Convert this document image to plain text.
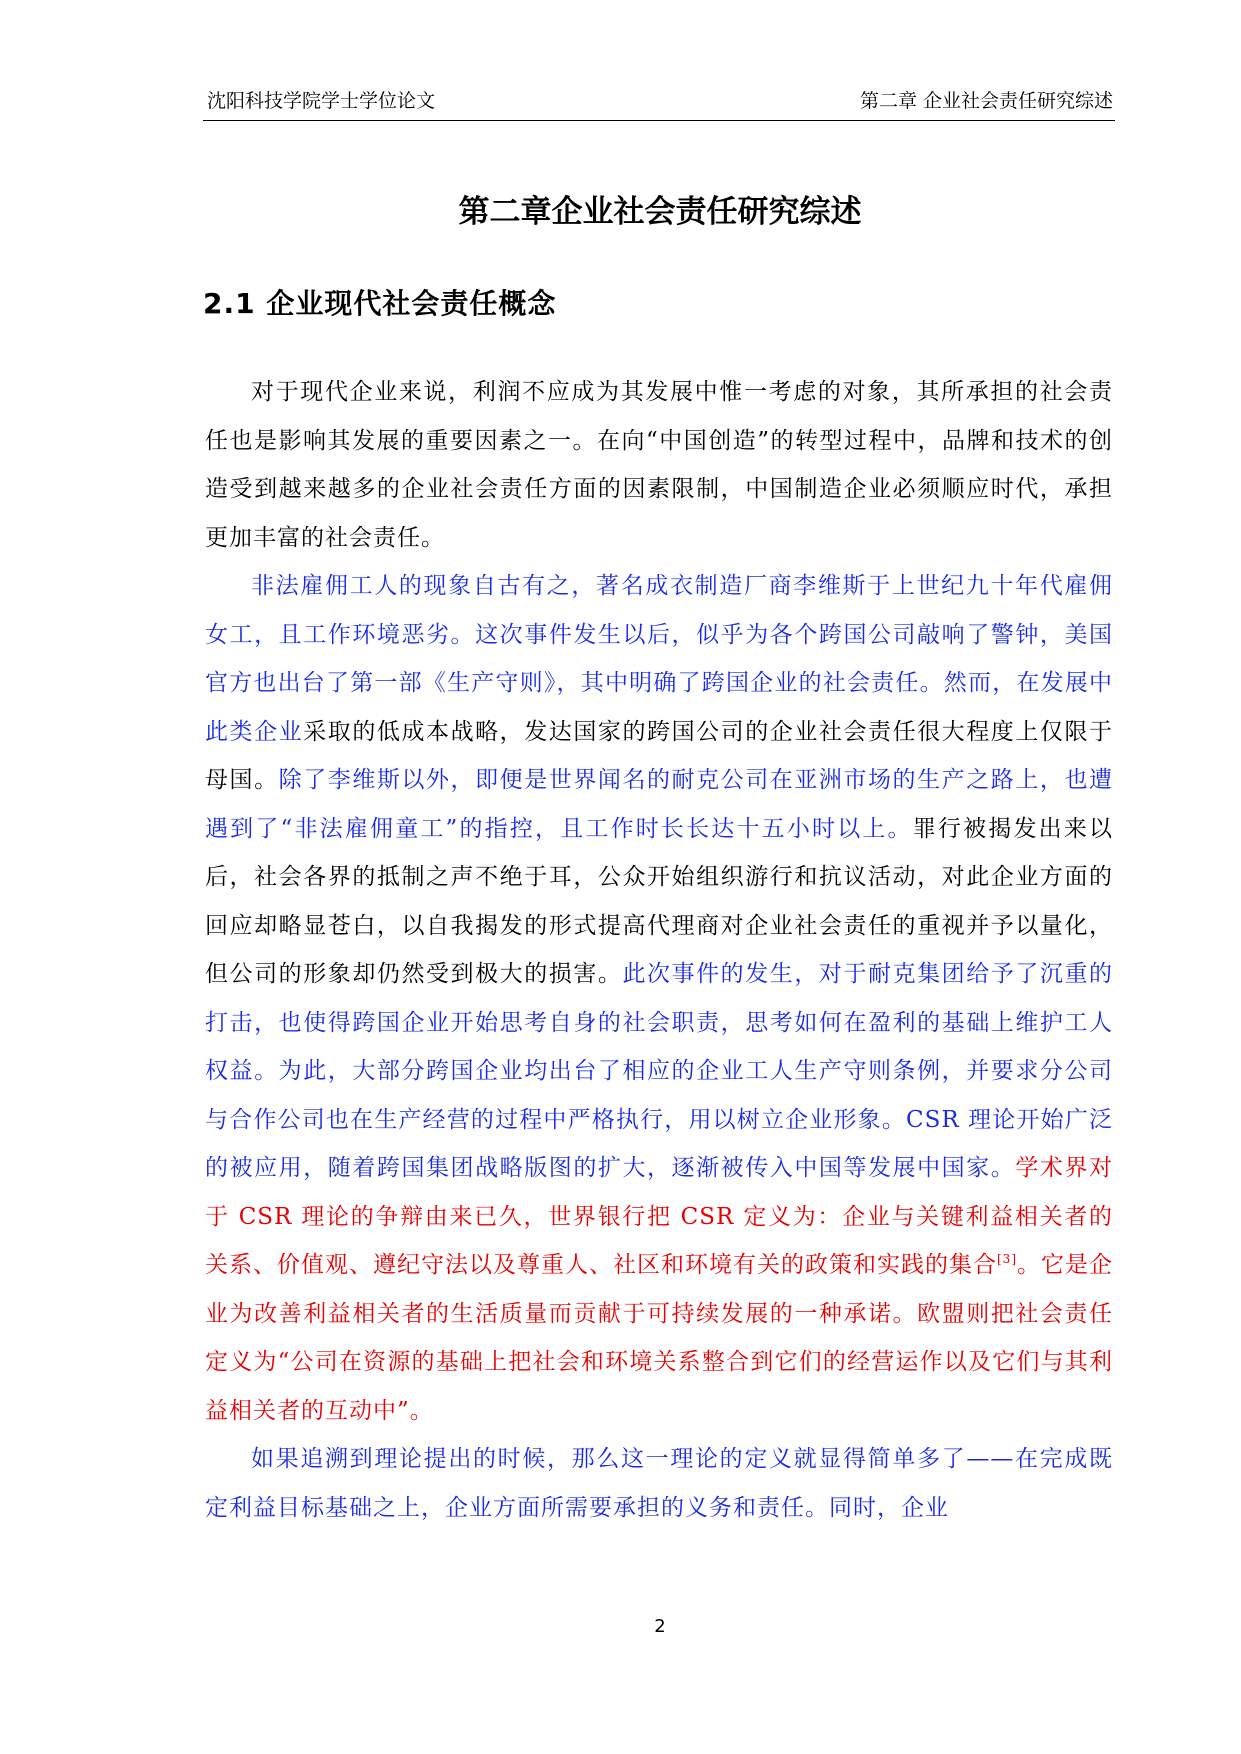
沈阳科技学院学士学位论文	第二章 企业社会责任研究综述
第二章企业社会责任研究综述
2.1 企业现代社会责任概念

对于现代企业来说，利润不应成为其发展中惟一考虑的对象，其所承担的社会责任也是影响其发展的重要因素之一。在向“中国创造”的转型过程中，品牌和技术的创造受到越来越多的企业社会责任方面的因素限制，中国制造企业必须顺应时代，承担更加丰富的社会责任。

非法雇佣工人的现象自古有之，著名成衣制造厂商李维斯于上世纪九十年代雇佣女工，且工作环境恶劣。这次事件发生以后，似乎为各个跨国公司敲响了警钟，美国官方也出台了第一部《生产守则》，其中明确了跨国企业的社会责任。然而，在发展中此类企业采取的低成本战略，发达国家的跨国公司的企业社会责任很大程度上仅限于母国。除了李维斯以外，即便是世界闻名的耐克公司在亚洲市场的生产之路上，也遭遇到了“非法雇佣童工”的指控，且工作时长长达十五小时以上。罪行被揭发出来以后，社会各界的抵制之声不绝于耳，公众开始组织游行和抗议活动，对此企业方面的回应却略显苍白，以自我揭发的形式提高代理商对企业社会责任的重视并予以量化，但公司的形象却仍然受到极大的损害。此次事件的发生，对于耐克集团给予了沉重的打击，也使得跨国企业开始思考自身的社会职责，思考如何在盈利的基础上维护工人权益。为此，大部分跨国企业均出台了相应的企业工人生产守则条例，并要求分公司与合作公司也在生产经营的过程中严格执行，用以树立企业形象。CSR 理论开始广泛的被应用，随着跨国集团战略版图的扩大，逐渐被传入中国等发展中国家。学术界对于 CSR 理论的争辩由来已久，世界银行把 CSR 定义为：企业与关键利益相关者的关系、价值观、遵纪守法以及尊重人、社区和环境有关的政策和实践的集合[3]。它是企业为改善利益相关者的生活质量而贡献于可持续发展的一种承诺。欧盟则把社会责任定义为“公司在资源的基础上把社会和环境关系整合到它们的经营运作以及它们与其利益相关者的互动中”。

如果追溯到理论提出的时候，那么这一理论的定义就显得简单多了——在完成既定利益目标基础之上，企业方面所需要承担的义务和责任。同时，企业

2
